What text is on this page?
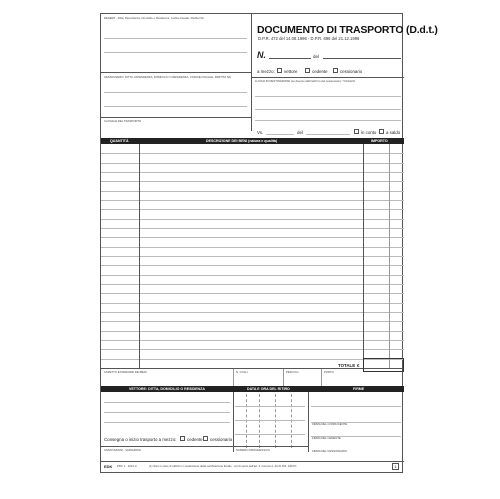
DESERT - Ditta, Dipendenza, Domicilio o Residenza, Codice Fiscale, Partita IVA
DOCUMENTO DI TRASPORTO (D.d.t.)
D.P.R. 472 del 14.08.1996 - D.P.R. 696 del 21.12.1996
N.	del
a mezzo: vettore	cedente	cessionario
CESSIONARIO: DITTA, DIPENDENZA, DOMICILIO O RESIDENZA, CODICE FISCALE, PARTITA IVA
LUOGO DI DESTINAZIONE (se diverso dall'indirizzo del cessionario) / VIAGGIO
CAUSALE DEL TRASPORTO
Vs.	del	in conto a saldo
QUANTITÀ	DESCRIZIONE DEI BENI (natura e qualità)	IMPORTO
TOTALE €
ASPETTO ESTERIORE DEI BENI	N. COLLI	PESO KG	PORTO
VETTORE: DITTA, DOMICILIO O RESIDENZA	DATA E ORA DEL RITIRO	FIRME
FIRMA DEL CONDUCENTE
FIRMA DEL CEDENTE
FIRMA DEL CESSIONARIO
Consegna o inizio trasporto a mezzo: cedente cessionario
ANNOTAZIONI - VARIAZIONI	NUMERO PROGRESSIVO
EDK PRC 1 · 3214-C	(1) Solo in caso di utilizzo in sostituzione della certificazione fiscale - (2) Ai sensi dell'art. 3, comma 2, del D.P.R. 441/97.	1
